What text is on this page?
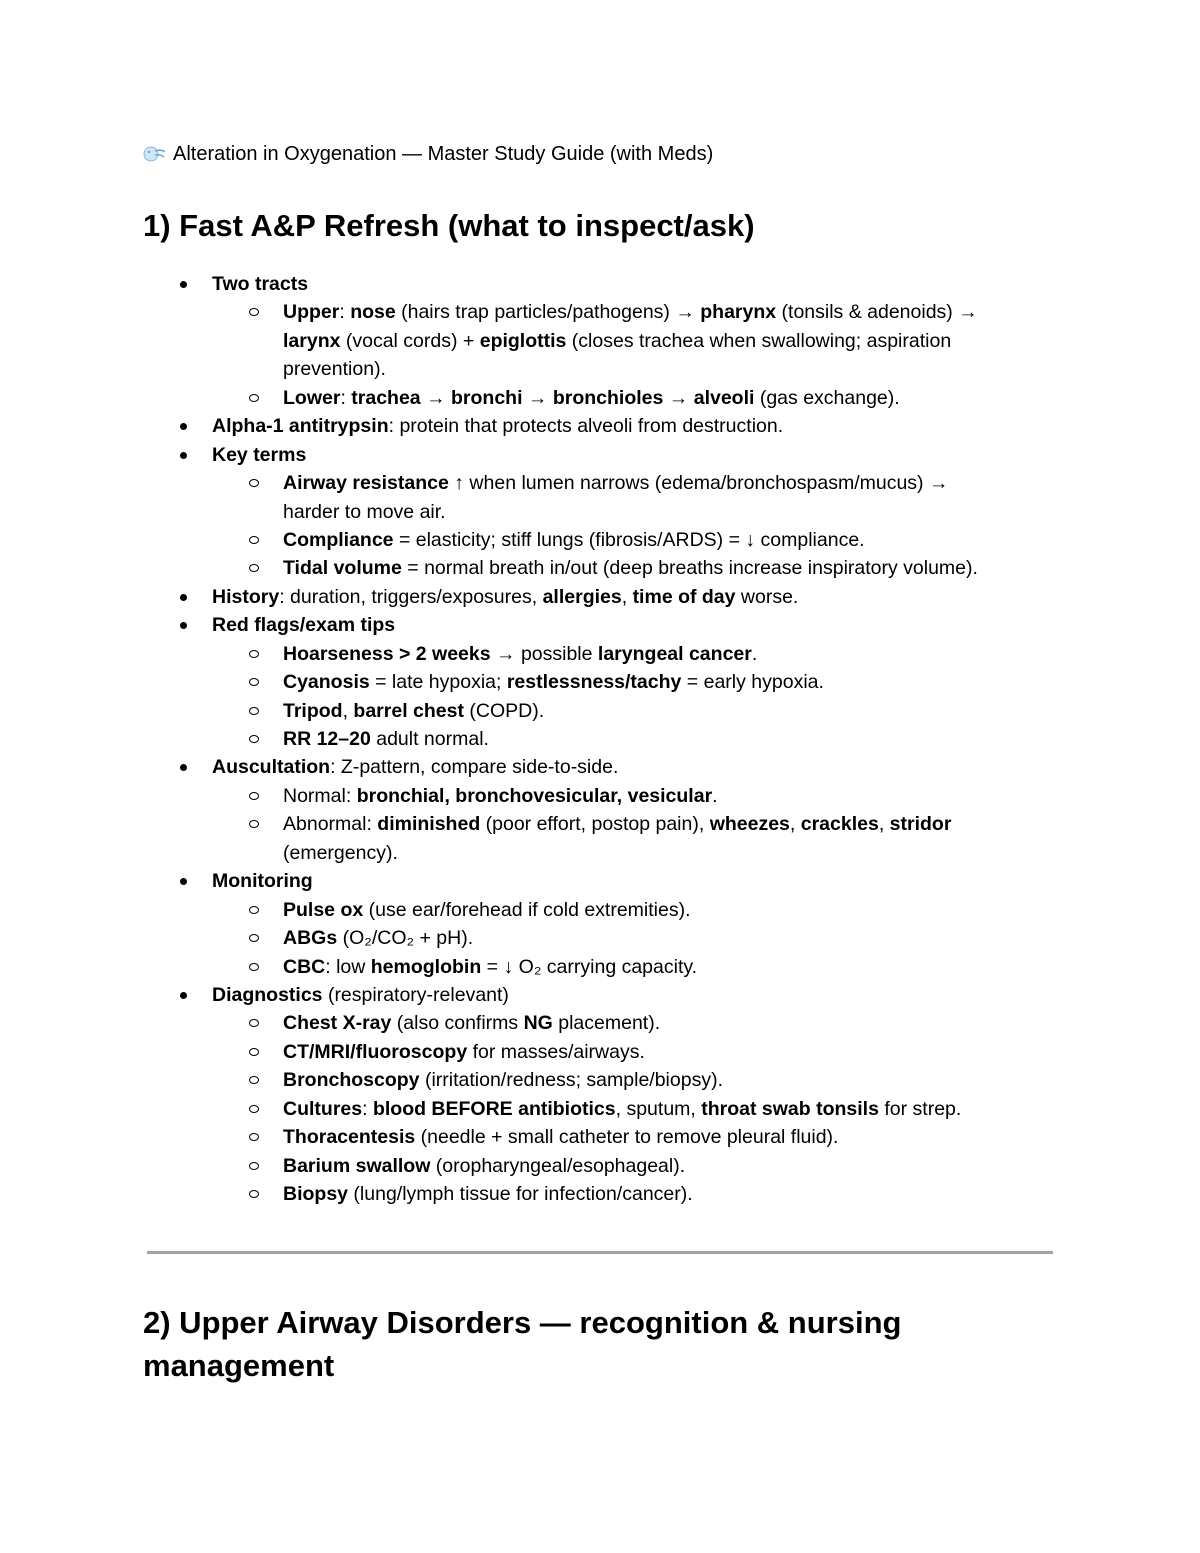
Alteration in Oxygenation — Master Study Guide (with Meds)
1) Fast A&P Refresh (what to inspect/ask)
Two tracts
Upper: nose (hairs trap particles/pathogens) → pharynx (tonsils & adenoids) →
larynx (vocal cords) + epiglottis (closes trachea when swallowing; aspiration
prevention).
Lower: trachea → bronchi → bronchioles → alveoli (gas exchange).
Alpha-1 antitrypsin: protein that protects alveoli from destruction.
Key terms
Airway resistance ↑ when lumen narrows (edema/bronchospasm/mucus) →
harder to move air.
Compliance = elasticity; stiff lungs (fibrosis/ARDS) = ↓ compliance.
Tidal volume = normal breath in/out (deep breaths increase inspiratory volume).
History: duration, triggers/exposures, allergies, time of day worse.
Red flags/exam tips
Hoarseness > 2 weeks → possible laryngeal cancer.
Cyanosis = late hypoxia; restlessness/tachy = early hypoxia.
Tripod, barrel chest (COPD).
RR 12–20 adult normal.
Auscultation: Z-pattern, compare side-to-side.
Normal: bronchial, bronchovesicular, vesicular.
Abnormal: diminished (poor effort, postop pain), wheezes, crackles, stridor
(emergency).
Monitoring
Pulse ox (use ear/forehead if cold extremities).
ABGs (O₂/CO₂ + pH).
CBC: low hemoglobin = ↓ O₂ carrying capacity.
Diagnostics (respiratory-relevant)
Chest X-ray (also confirms NG placement).
CT/MRI/fluoroscopy for masses/airways.
Bronchoscopy (irritation/redness; sample/biopsy).
Cultures: blood BEFORE antibiotics, sputum, throat swab tonsils for strep.
Thoracentesis (needle + small catheter to remove pleural fluid).
Barium swallow (oropharyngeal/esophageal).
Biopsy (lung/lymph tissue for infection/cancer).
2) Upper Airway Disorders — recognition & nursing management
